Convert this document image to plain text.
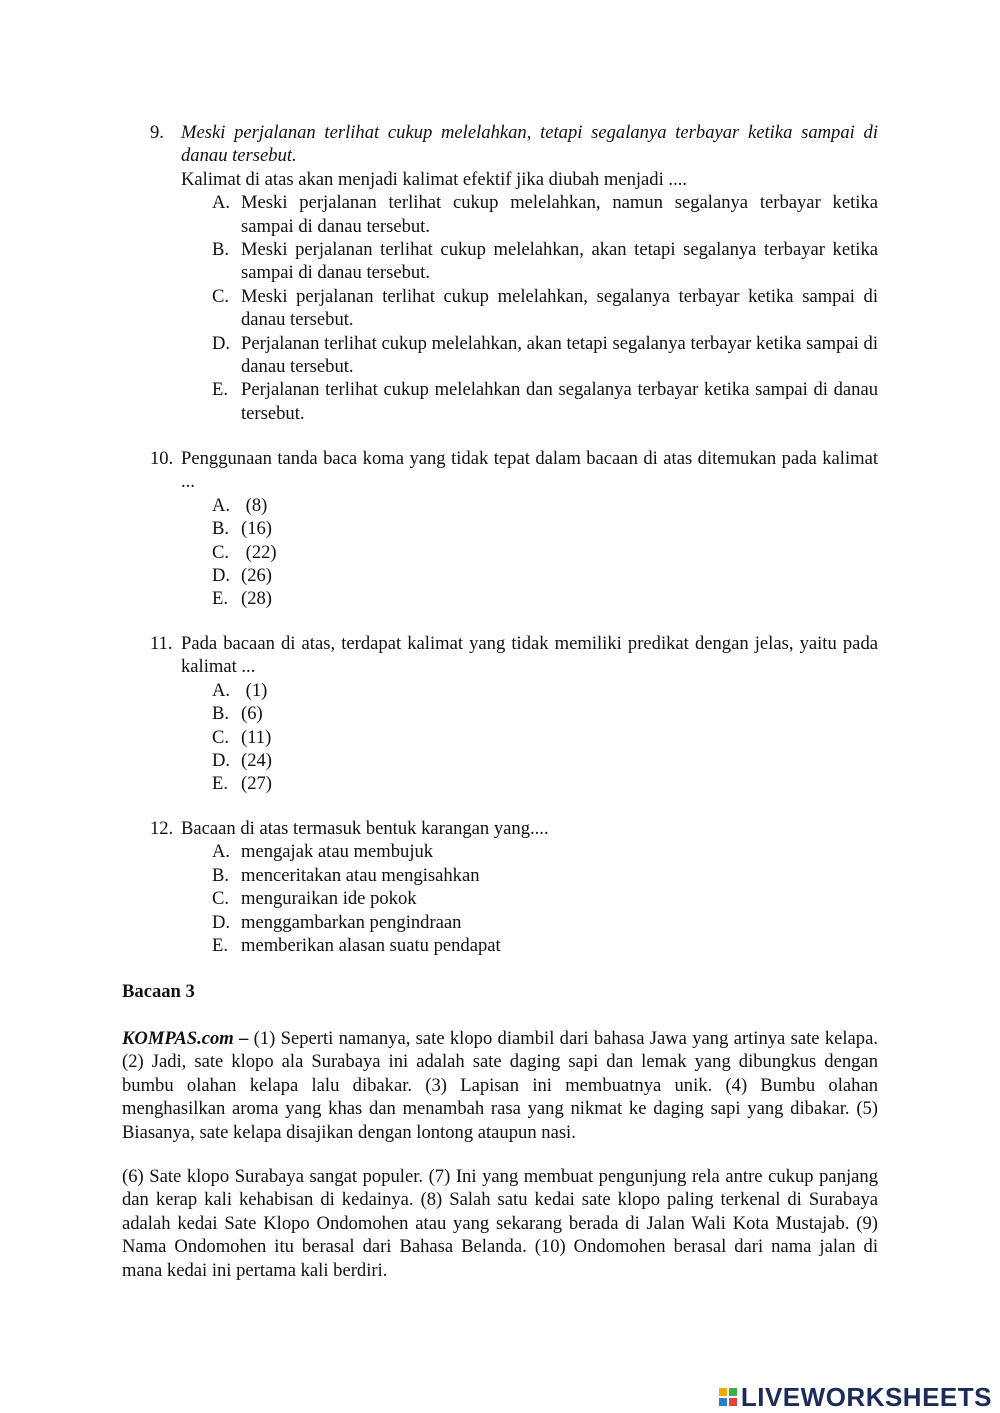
9. Meski perjalanan terlihat cukup melelahkan, tetapi segalanya terbayar ketika sampai di danau tersebut.
Kalimat di atas akan menjadi kalimat efektif jika diubah menjadi ....
A. Meski perjalanan terlihat cukup melelahkan, namun segalanya terbayar ketika sampai di danau tersebut.
B. Meski perjalanan terlihat cukup melelahkan, akan tetapi segalanya terbayar ketika sampai di danau tersebut.
C. Meski perjalanan terlihat cukup melelahkan, segalanya terbayar ketika sampai di danau tersebut.
D. Perjalanan terlihat cukup melelahkan, akan tetapi segalanya terbayar ketika sampai di danau tersebut.
E. Perjalanan terlihat cukup melelahkan dan segalanya terbayar ketika sampai di danau tersebut.
10. Penggunaan tanda baca koma yang tidak tepat dalam bacaan di atas ditemukan pada kalimat ...
A. (8)
B. (16)
C. (22)
D. (26)
E. (28)
11. Pada bacaan di atas, terdapat kalimat yang tidak memiliki predikat dengan jelas, yaitu pada kalimat ...
A. (1)
B. (6)
C. (11)
D. (24)
E. (27)
12. Bacaan di atas termasuk bentuk karangan yang....
A. mengajak atau membujuk
B. menceritakan atau mengisahkan
C. menguraikan ide pokok
D. menggambarkan pengindraan
E. memberikan alasan suatu pendapat
Bacaan 3
KOMPAS.com – (1) Seperti namanya, sate klopo diambil dari bahasa Jawa yang artinya sate kelapa. (2) Jadi, sate klopo ala Surabaya ini adalah sate daging sapi dan lemak yang dibungkus dengan bumbu olahan kelapa lalu dibakar. (3) Lapisan ini membuatnya unik. (4) Bumbu olahan menghasilkan aroma yang khas dan menambah rasa yang nikmat ke daging sapi yang dibakar. (5) Biasanya, sate kelapa disajikan dengan lontong ataupun nasi.
(6) Sate klopo Surabaya sangat populer. (7) Ini yang membuat pengunjung rela antre cukup panjang dan kerap kali kehabisan di kedainya. (8) Salah satu kedai sate klopo paling terkenal di Surabaya adalah kedai Sate Klopo Ondomohen atau yang sekarang berada di Jalan Wali Kota Mustajab. (9) Nama Ondomohen itu berasal dari Bahasa Belanda. (10) Ondomohen berasal dari nama jalan di mana kedai ini pertama kali berdiri.
LIVEWORKSHEETS
